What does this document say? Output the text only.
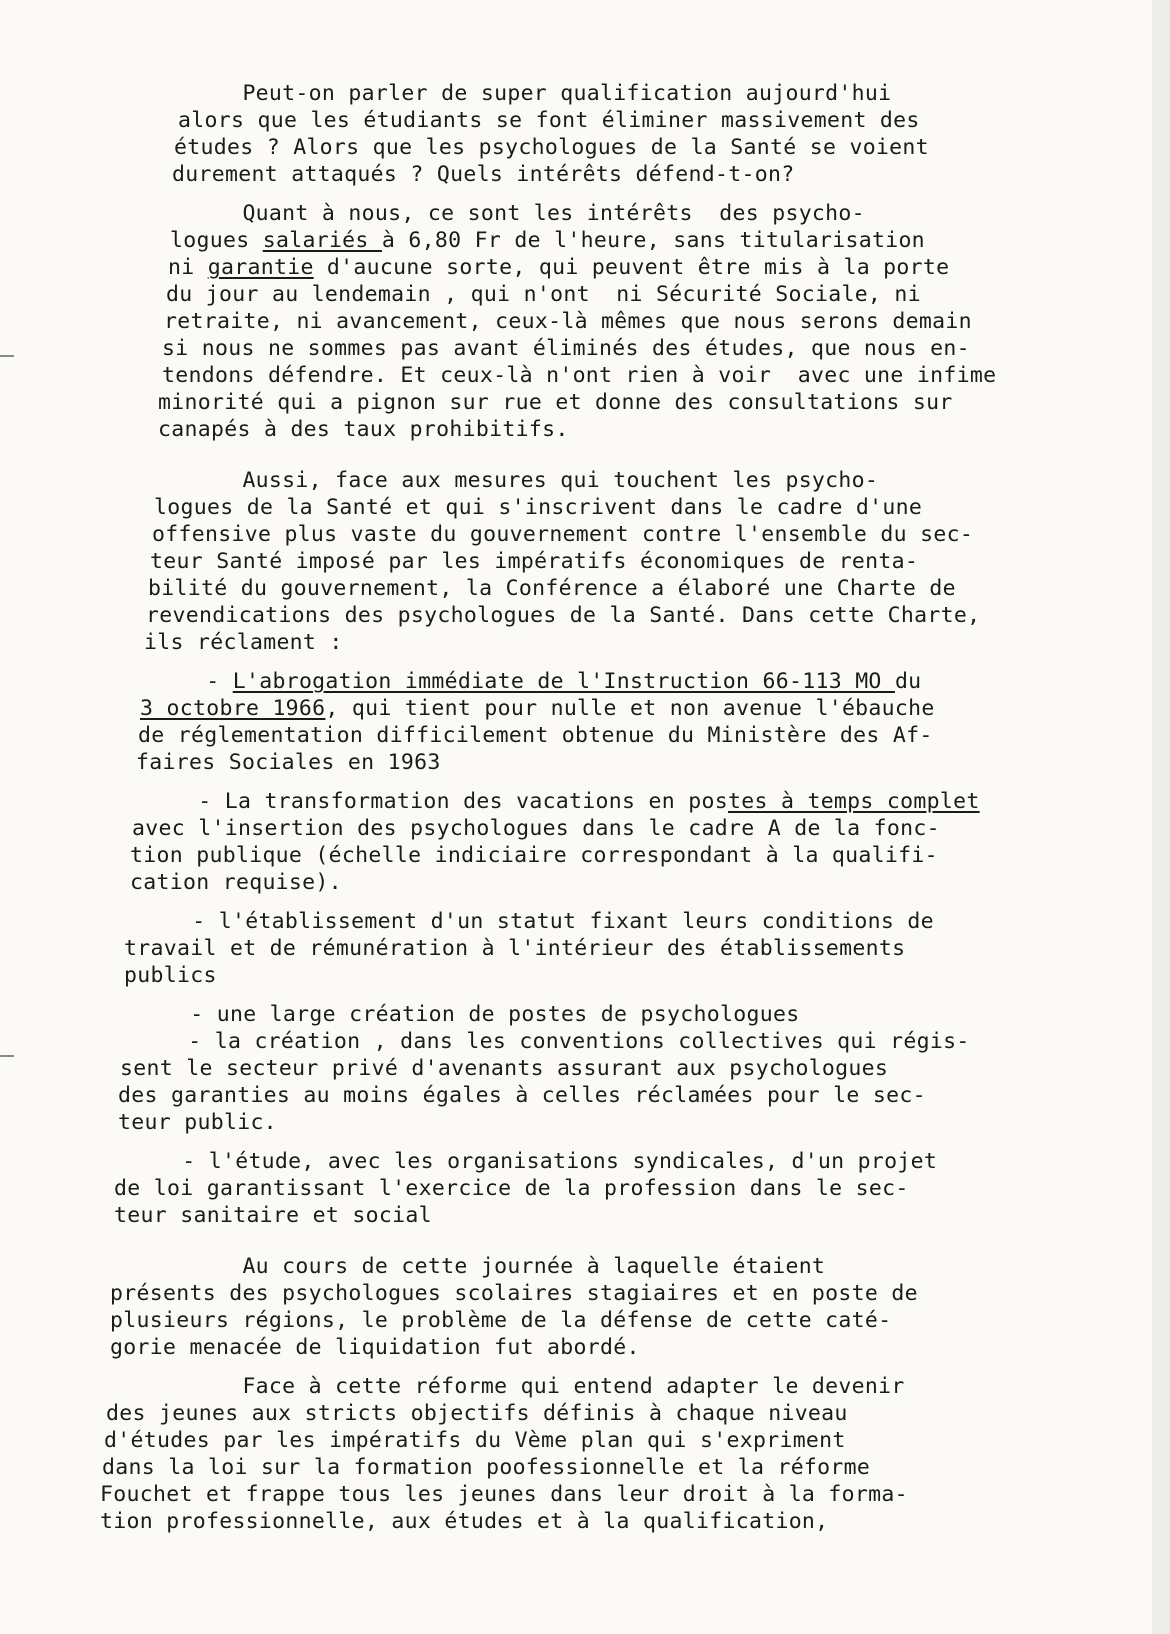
Peut-on parler de super qualification aujourd'hui
alors que les étudiants se font éliminer massivement des
études ? Alors que les psychologues de la Santé se voient
durement attaqués ? Quels intérêts défend-t-on?
Quant à nous, ce sont les intérêts  des psycho-
logues salariés à 6,80 Fr de l'heure, sans titularisation
ni garantie d'aucune sorte, qui peuvent être mis à la porte
du jour au lendemain , qui n'ont  ni Sécurité Sociale, ni
retraite, ni avancement, ceux-là mêmes que nous serons demain
si nous ne sommes pas avant éliminés des études, que nous en-
tendons défendre. Et ceux-là n'ont rien à voir  avec une infime
minorité qui a pignon sur rue et donne des consultations sur
canapés à des taux prohibitifs.
Aussi, face aux mesures qui touchent les psycho-
logues de la Santé et qui s'inscrivent dans le cadre d'une
offensive plus vaste du gouvernement contre l'ensemble du sec-
teur Santé imposé par les impératifs économiques de renta-
bilité du gouvernement, la Conférence a élaboré une Charte de
revendications des psychologues de la Santé. Dans cette Charte,
ils réclament :
- L'abrogation immédiate de l'Instruction 66-113 MO du
3 octobre 1966, qui tient pour nulle et non avenue l'ébauche
de réglementation difficilement obtenue du Ministère des Af-
faires Sociales en 1963
- La transformation des vacations en postes à temps complet
avec l'insertion des psychologues dans le cadre A de la fonc-
tion publique (échelle indiciaire correspondant à la qualifi-
cation requise).
- l'établissement d'un statut fixant leurs conditions de
travail et de rémunération à l'intérieur des établissements
publics
- une large création de postes de psychologues
- la création , dans les conventions collectives qui régis-
sent le secteur privé d'avenants assurant aux psychologues
des garanties au moins égales à celles réclamées pour le sec-
teur public.
- l'étude, avec les organisations syndicales, d'un projet
de loi garantissant l'exercice de la profession dans le sec-
teur sanitaire et social
Au cours de cette journée à laquelle étaient
présents des psychologues scolaires stagiaires et en poste de
plusieurs régions, le problème de la défense de cette caté-
gorie menacée de liquidation fut abordé.
Face à cette réforme qui entend adapter le devenir
des jeunes aux stricts objectifs définis à chaque niveau
d'études par les impératifs du Vème plan qui s'expriment
dans la loi sur la formation poofessionnelle et la réforme
Fouchet et frappe tous les jeunes dans leur droit à la forma-
tion professionnelle, aux études et à la qualification,
